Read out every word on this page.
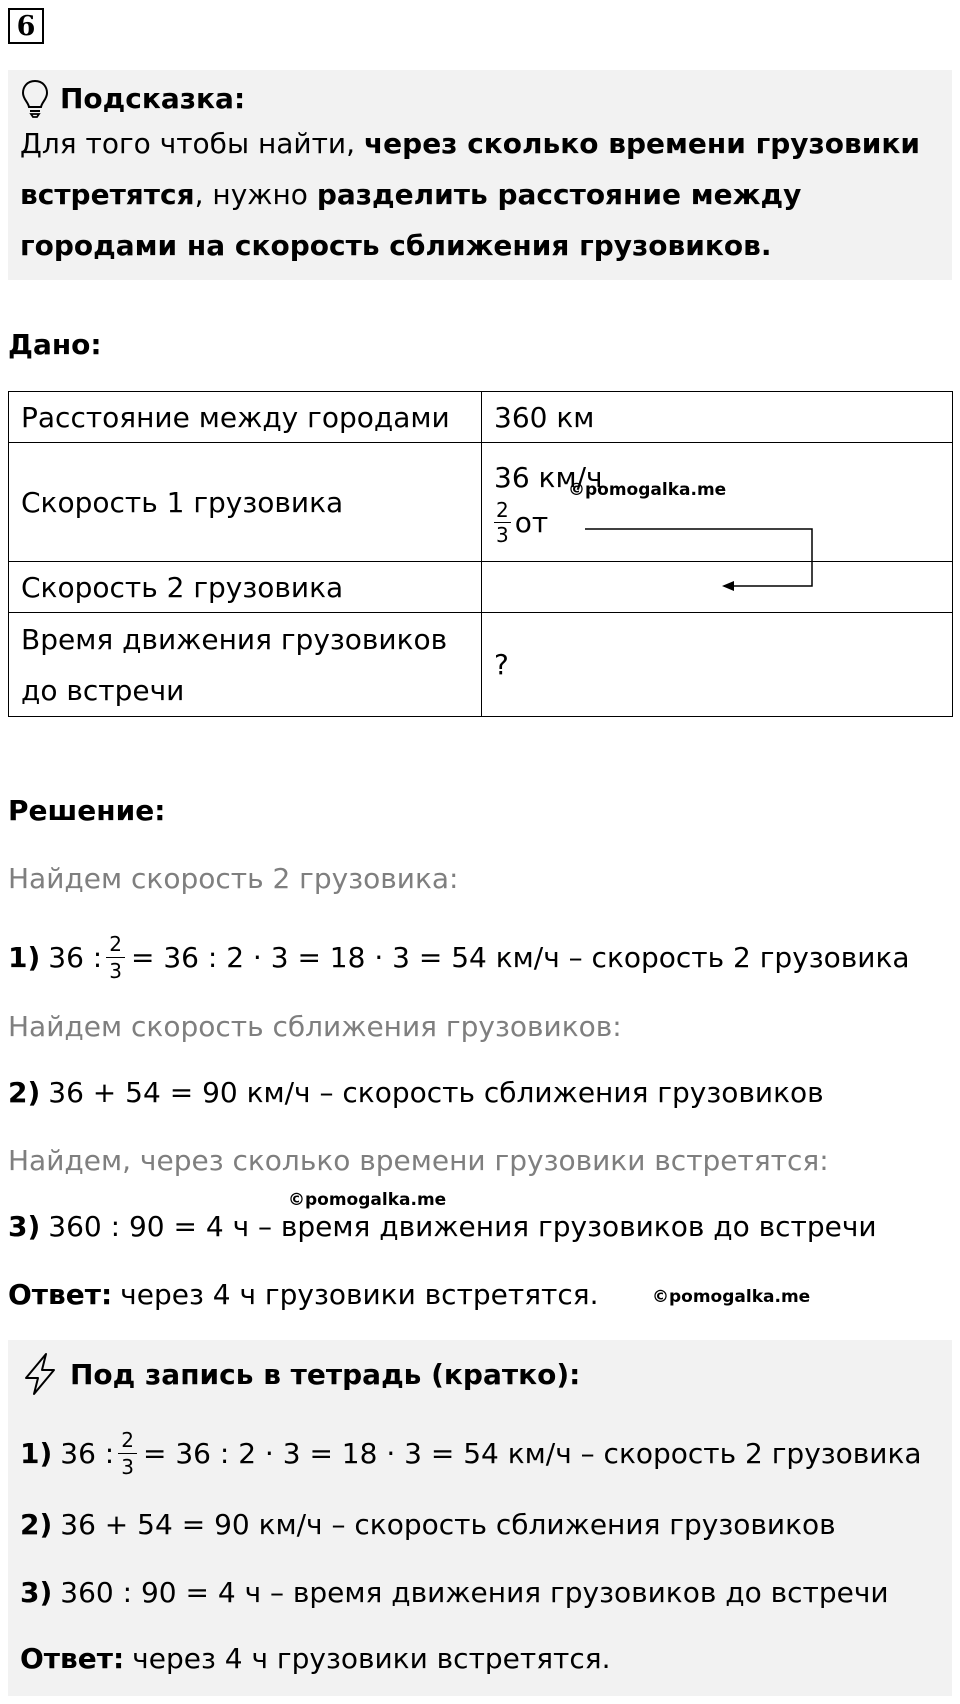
6
Подсказка:
Для того чтобы найти, через сколько времени грузовики встретятся, нужно разделить расстояние между городами на скорость сближения грузовиков.
Дано:
Расстояние между городами	360 км
Скорость 1 грузовика	36 км/ч
$\frac{2}{3}$ от

Скорость 2 грузовика	
Время движения грузовиков до встречи	?
©pomogalka.me
Решение:
Найдем скорость 2 грузовика:
1) 36 : $\frac{2}{3} = 36$ : 2 · 3 = 18 · 3 = 54 км/ч – скорость 2 грузовика
Найдем скорость сближения грузовиков:
2) 36 + 54 = 90 км/ч – скорость сближения грузовиков
Найдем, через сколько времени грузовики встретятся:
©pomogalka.me
3) 360 : 90 = 4 ч – время движения грузовиков до встречи
Ответ: через 4 ч грузовики встретятся.	©pomogalka.me
Под запись в тетрадь (кратко):
1) 36 : $\frac{2}{3} = 36$ : 2 · 3 = 18 · 3 = 54 км/ч – скорость 2 грузовика
2) 36 + 54 = 90 км/ч – скорость сближения грузовиков
3) 360 : 90 = 4 ч – время движения грузовиков до встречи
Ответ: через 4 ч грузовики встретятся.
